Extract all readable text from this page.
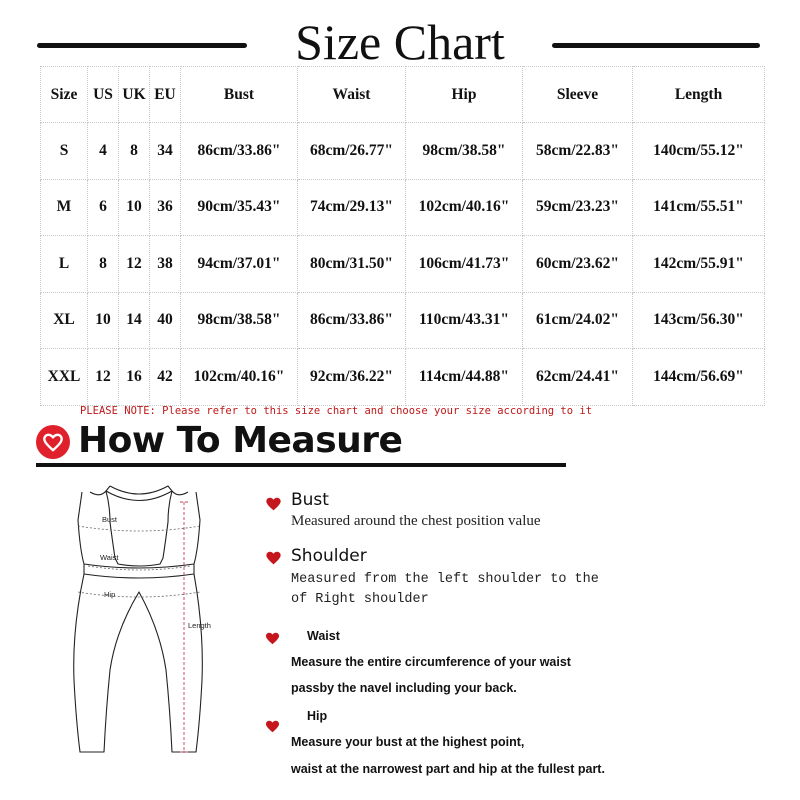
Size Chart
Size	US	UK	EU	Bust	Waist	Hip	Sleeve	Length
S	4	8	34	86cm/33.86"	68cm/26.77"	98cm/38.58"	58cm/22.83"	140cm/55.12"
M	6	10	36	90cm/35.43"	74cm/29.13"	102cm/40.16"	59cm/23.23"	141cm/55.51"
L	8	12	38	94cm/37.01"	80cm/31.50"	106cm/41.73"	60cm/23.62"	142cm/55.91"
XL	10	14	40	98cm/38.58"	86cm/33.86"	110cm/43.31"	61cm/24.02"	143cm/56.30"
XXL	12	16	42	102cm/40.16"	92cm/36.22"	114cm/44.88"	62cm/24.41"	144cm/56.69"
PLEASE NOTE: Please refer to this size chart and choose your size according to it
How To Measure
Bust
Waist
Hip
Length
Bust
Measured around the chest position value
Shoulder
Measured from the left shoulder to the
of Right shoulder
Waist
Measure the entire circumference of your waist
passby the navel including your back.
Hip
Measure your bust at the highest point,
waist at the narrowest part and hip at the fullest part.
